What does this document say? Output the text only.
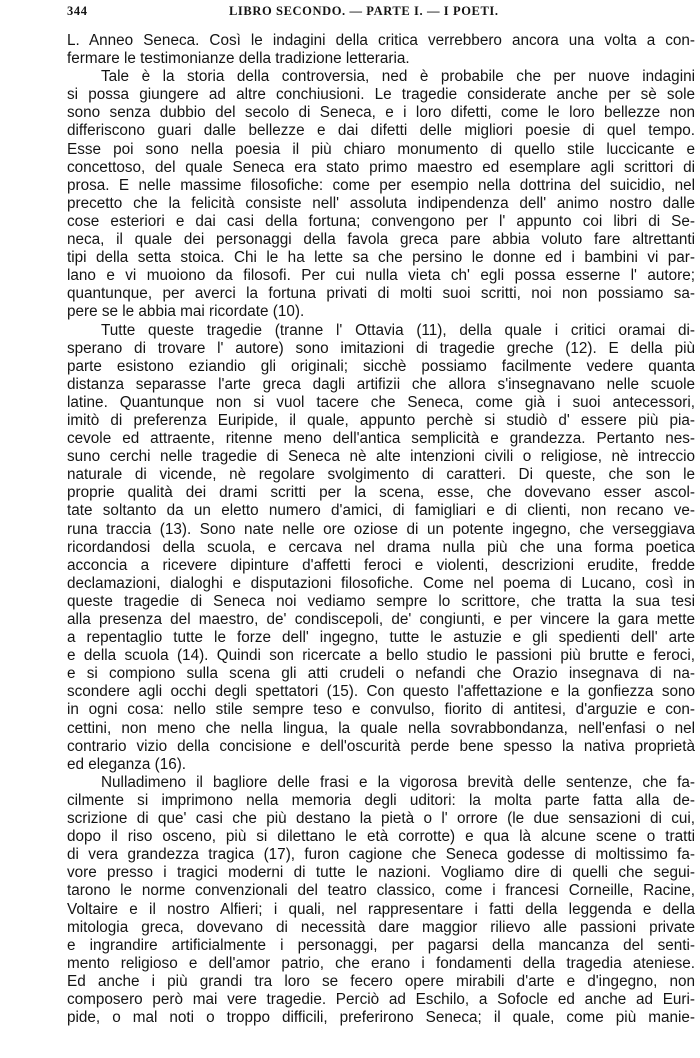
344	LIBRO SECONDO. — PARTE I. — I POETI.
L. Anneo Seneca. Così le indagini della critica verrebbero ancora una volta a con-
fermare le testimonianze della tradizione letteraria.
Tale è la storia della controversia, ned è probabile che per nuove indagini
si possa giungere ad altre conchiusioni. Le tragedie considerate anche per sè sole
sono senza dubbio del secolo di Seneca, e i loro difetti, come le loro bellezze non
differiscono guari dalle bellezze e dai difetti delle migliori poesie di quel tempo.
Esse poi sono nella poesia il più chiaro monumento di quello stile luccicante e
concettoso, del quale Seneca era stato primo maestro ed esemplare agli scrittori di
prosa. E nelle massime filosofiche: come per esempio nella dottrina del suicidio, nel
precetto che la felicità consiste nell' assoluta indipendenza dell' animo nostro dalle
cose esteriori e dai casi della fortuna; convengono per l' appunto coi libri di Se-
neca, il quale dei personaggi della favola greca pare abbia voluto fare altrettanti
tipi della setta stoica. Chi le ha lette sa che persino le donne ed i bambini vi par-
lano e vi muoiono da filosofi. Per cui nulla vieta ch' egli possa esserne l' autore;
quantunque, per averci la fortuna privati di molti suoi scritti, noi non possiamo sa-
pere se le abbia mai ricordate (10).
Tutte queste tragedie (tranne l' Ottavia (11), della quale i critici oramai di-
sperano di trovare l' autore) sono imitazioni di tragedie greche (12). E della più
parte esistono eziandio gli originali; sicchè possiamo facilmente vedere quanta
distanza separasse l'arte greca dagli artifizii che allora s'insegnavano nelle scuole
latine. Quantunque non si vuol tacere che Seneca, come già i suoi antecessori,
imitò di preferenza Euripide, il quale, appunto perchè si studiò d' essere più pia-
cevole ed attraente, ritenne meno dell'antica semplicità e grandezza. Pertanto nes-
suno cerchi nelle tragedie di Seneca nè alte intenzioni civili o religiose, nè intreccio
naturale di vicende, nè regolare svolgimento di caratteri. Di queste, che son le
proprie qualità dei drami scritti per la scena, esse, che dovevano esser ascol-
tate soltanto da un eletto numero d'amici, di famigliari e di clienti, non recano ve-
runa traccia (13). Sono nate nelle ore oziose di un potente ingegno, che verseggiava
ricordandosi della scuola, e cercava nel drama nulla più che una forma poetica
acconcia a ricevere dipinture d'affetti feroci e violenti, descrizioni erudite, fredde
declamazioni, dialoghi e disputazioni filosofiche. Come nel poema di Lucano, così in
queste tragedie di Seneca noi vediamo sempre lo scrittore, che tratta la sua tesi
alla presenza del maestro, de' condiscepoli, de' congiunti, e per vincere la gara mette
a repentaglio tutte le forze dell' ingegno, tutte le astuzie e gli spedienti dell' arte
e della scuola (14). Quindi son ricercate a bello studio le passioni più brutte e feroci,
e si compiono sulla scena gli atti crudeli o nefandi che Orazio insegnava di na-
scondere agli occhi degli spettatori (15). Con questo l'affettazione e la gonfiezza sono
in ogni cosa: nello stile sempre teso e convulso, fiorito di antitesi, d'arguzie e con-
cettini, non meno che nella lingua, la quale nella sovrabbondanza, nell'enfasi o nel
contrario vizio della concisione e dell'oscurità perde bene spesso la nativa proprietà
ed eleganza (16).
Nulladimeno il bagliore delle frasi e la vigorosa brevità delle sentenze, che fa-
cilmente si imprimono nella memoria degli uditori: la molta parte fatta alla de-
scrizione di que' casi che più destano la pietà o l' orrore (le due sensazioni di cui,
dopo il riso osceno, più si dilettano le età corrotte) e qua là alcune scene o tratti
di vera grandezza tragica (17), furon cagione che Seneca godesse di moltissimo fa-
vore presso i tragici moderni di tutte le nazioni. Vogliamo dire di quelli che segui-
tarono le norme convenzionali del teatro classico, come i francesi Corneille, Racine,
Voltaire e il nostro Alfieri; i quali, nel rappresentare i fatti della leggenda e della
mitologia greca, dovevano di necessità dare maggior rilievo alle passioni private
e ingrandire artificialmente i personaggi, per pagarsi della mancanza del senti-
mento religioso e dell'amor patrio, che erano i fondamenti della tragedia ateniese.
Ed anche i più grandi tra loro se fecero opere mirabili d'arte e d'ingegno, non
composero però mai vere tragedie. Perciò ad Eschilo, a Sofocle ed anche ad Euri-
pide, o mal noti o troppo difficili, preferirono Seneca; il quale, come più manie-
